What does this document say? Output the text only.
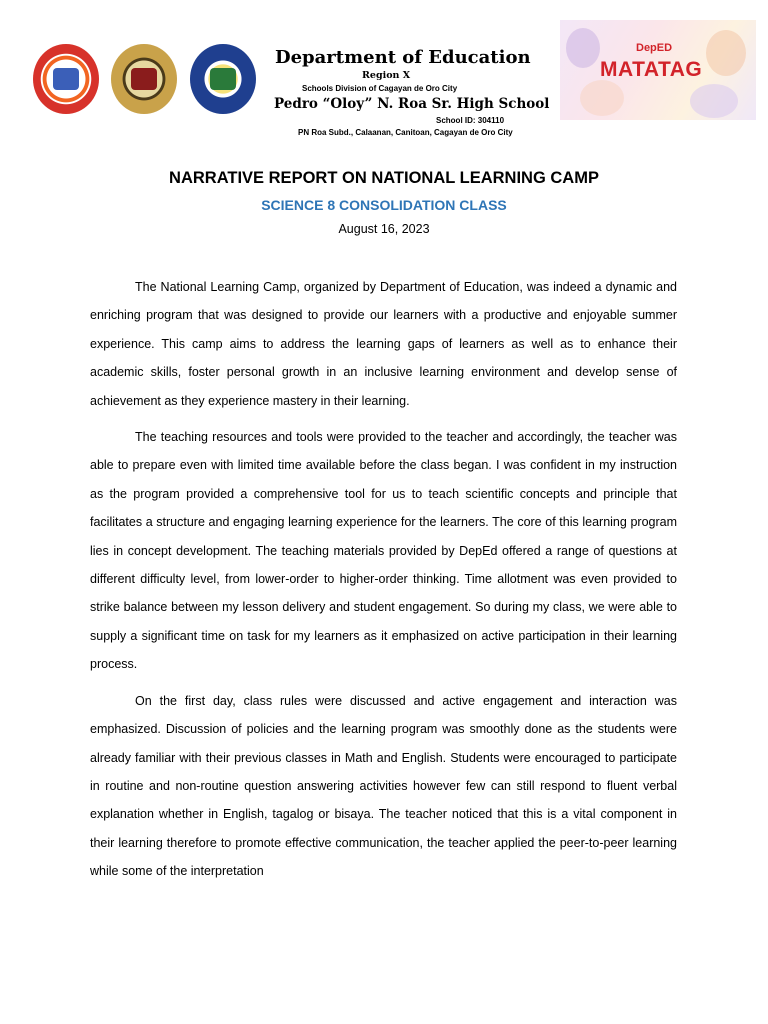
Department of Education
Region X
Schools Division of Cagayan de Oro City
Pedro “Oloy” N. Roa Sr. High School
School ID: 304110
PN Roa Subd., Calaanan, Canitoan, Cagayan de Oro City
DepED
MATATAG
NARRATIVE REPORT ON NATIONAL LEARNING CAMP
SCIENCE 8 CONSOLIDATION CLASS
August 16, 2023

The National Learning Camp, organized by Department of Education, was indeed a dynamic and enriching program that was designed to provide our learners with a productive and enjoyable summer experience. This camp aims to address the learning gaps of learners as well as to enhance their academic skills, foster personal growth in an inclusive learning environment and develop sense of achievement as they experience mastery in their learning.

The teaching resources and tools were provided to the teacher and accordingly, the teacher was able to prepare even with limited time available before the class began. I was confident in my instruction as the program provided a comprehensive tool for us to teach scientific concepts and principle that facilitates a structure and engaging learning experience for the learners. The core of this learning program lies in concept development. The teaching materials provided by DepEd offered a range of questions at different difficulty level, from lower-order to higher-order thinking. Time allotment was even provided to strike balance between my lesson delivery and student engagement. So during my class, we were able to supply a significant time on task for my learners as it emphasized on active participation in their learning process.

On the first day, class rules were discussed and active engagement and interaction was emphasized. Discussion of policies and the learning program was smoothly done as the students were already familiar with their previous classes in Math and English. Students were encouraged to participate in routine and non-routine question answering activities however few can still respond to fluent verbal explanation whether in English, tagalog or bisaya. The teacher noticed that this is a vital component in their learning therefore to promote effective communication, the teacher applied the peer-to-peer learning while some of the interpretation
